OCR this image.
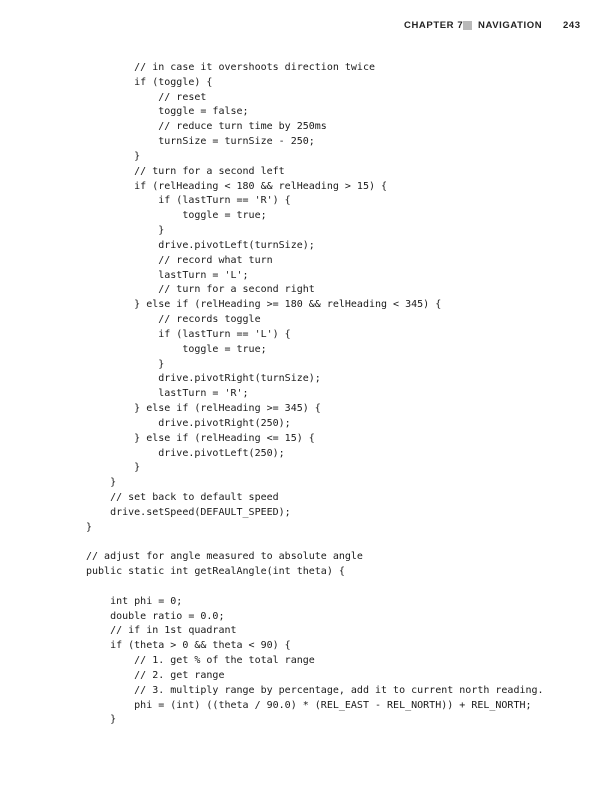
CHAPTER 7 NAVIGATION 243
// in case it overshoots direction twice
if (toggle) {
// reset
toggle = false;
// reduce turn time by 250ms
turnSize = turnSize - 250;
}
// turn for a second left
if (relHeading < 180 && relHeading > 15) {
if (lastTurn == 'R') {
toggle = true;
}
drive.pivotLeft(turnSize);
// record what turn
lastTurn = 'L';
// turn for a second right
} else if (relHeading >= 180 && relHeading < 345) {
// records toggle
if (lastTurn == 'L') {
toggle = true;
}
drive.pivotRight(turnSize);
lastTurn = 'R';
} else if (relHeading >= 345) {
drive.pivotRight(250);
} else if (relHeading <= 15) {
drive.pivotLeft(250);
}
}
// set back to default speed
drive.setSpeed(DEFAULT_SPEED);
}
// adjust for angle measured to absolute angle
public static int getRealAngle(int theta) {
int phi = 0;
double ratio = 0.0;
// if in 1st quadrant
if (theta > 0 && theta < 90) {
// 1. get % of the total range
// 2. get range
// 3. multiply range by percentage, add it to current north reading.
phi = (int) ((theta / 90.0) * (REL_EAST - REL_NORTH)) + REL_NORTH;
}
